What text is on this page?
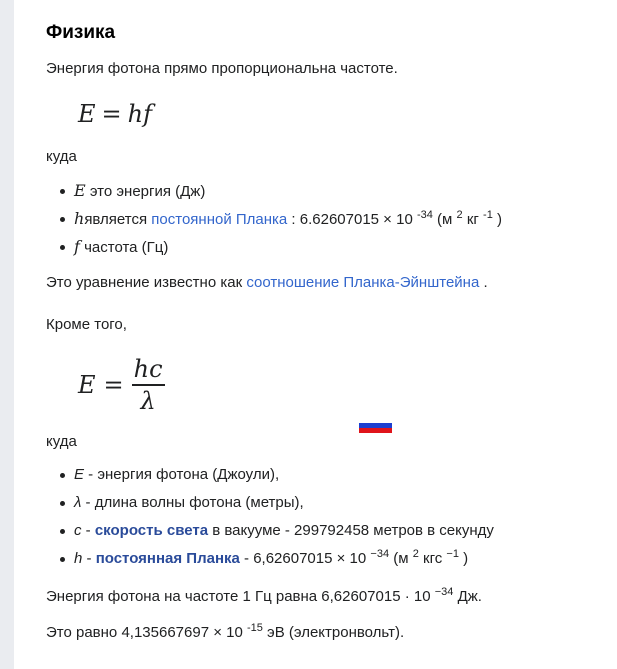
Физика
Энергия фотона прямо пропорциональна частоте.
E = hf
куда
E это энергия (Дж)
hявляется постоянной Планка : 6.62607015 × 10 $^{-34}$ (м $^2$ кг $^{-1}$ )
f частота (Гц)
Это уравнение известно как соотношение Планка-Эйнштейна .
Кроме того,
$E = \frac{hc}{\lambda}$
куда
E - энергия фотона (Джоули),
λ - длина волны фотона (метры),
c - скорость света в вакууме - 299792458 метров в секунду
h - постоянная Планка - 6,62607015 × 10 $^{-34}$ (м $^2$ кгс $^{-1}$ )
Энергия фотона на частоте 1 Гц равна 6,62607015 · 10 $^{-34}$ Дж.
Это равно 4,135667697 × 10 $^{-15}$ эВ (электронвольт).
